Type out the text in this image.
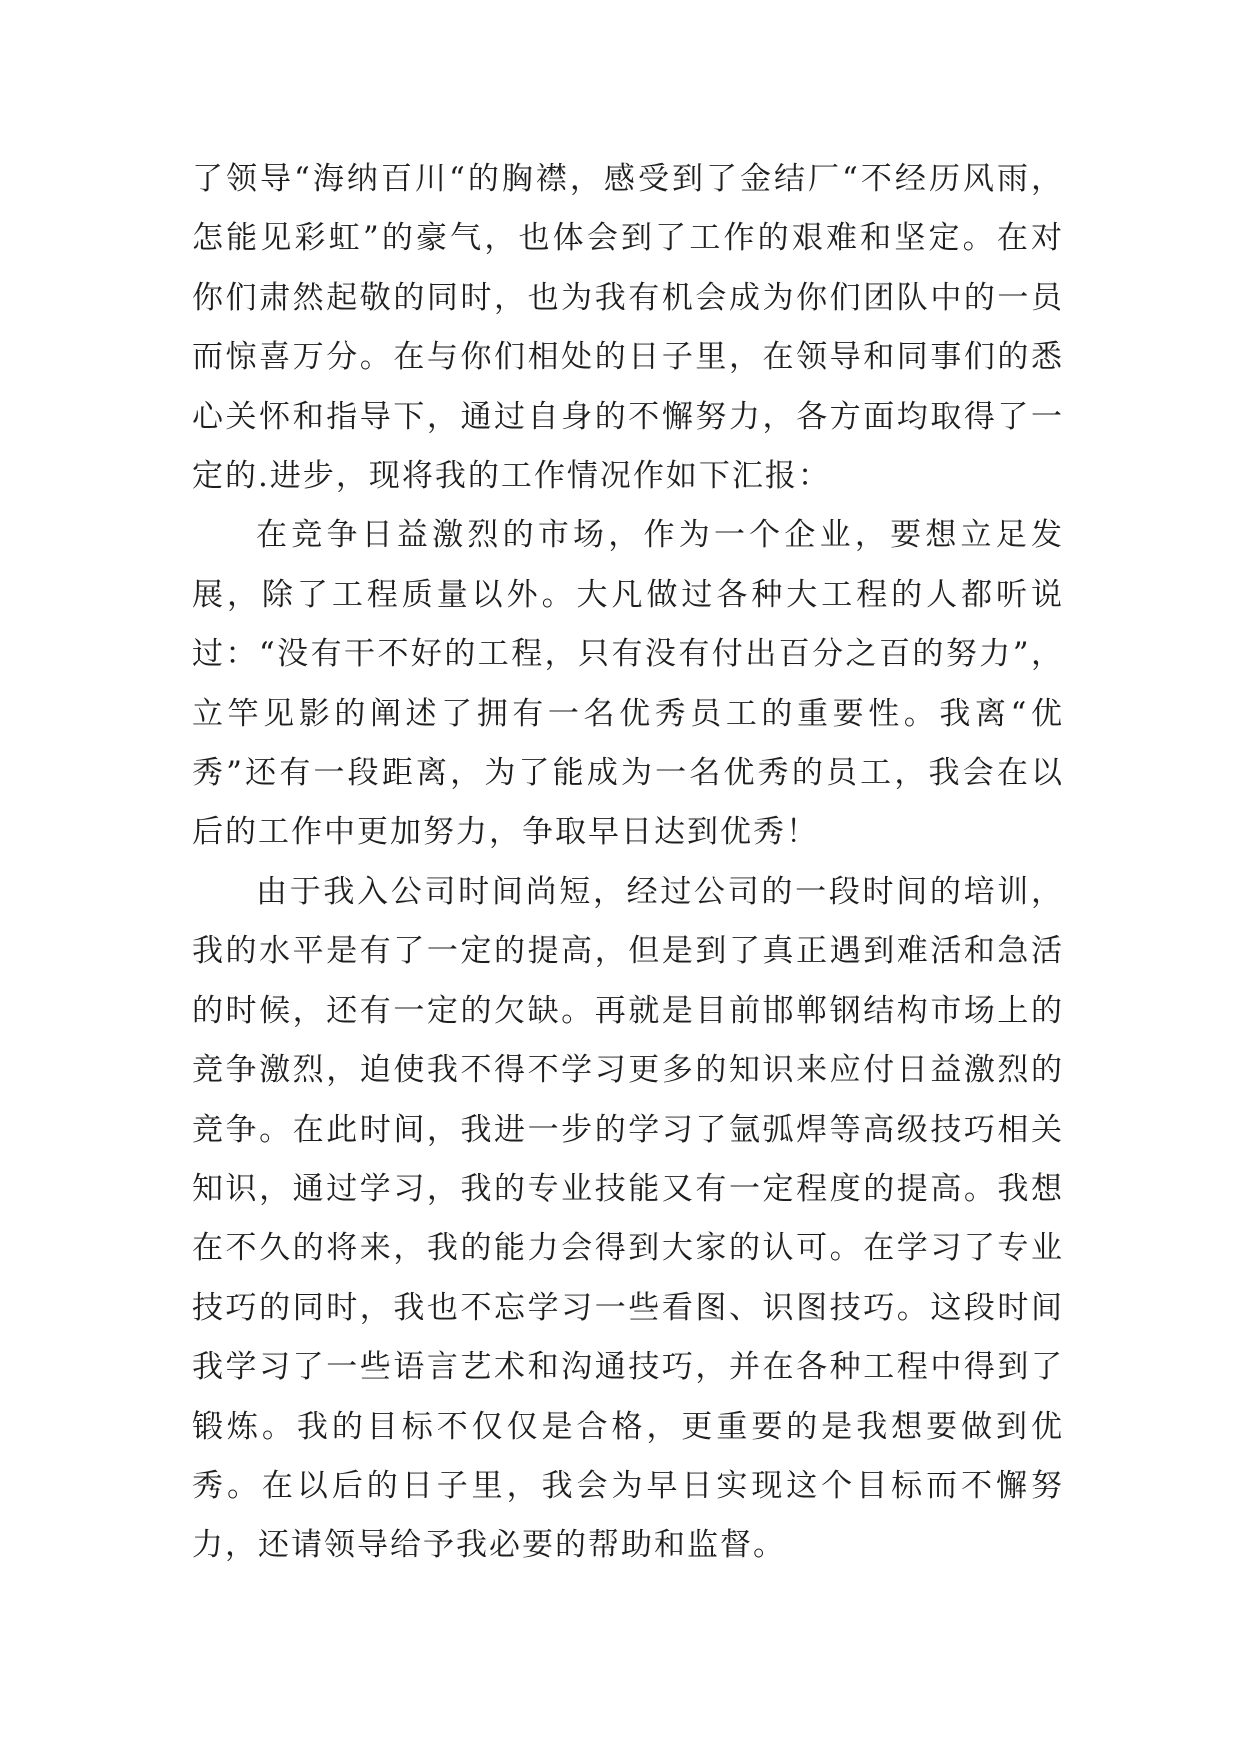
了领导“海纳百川“的胸襟，感受到了金结厂“不经历风雨，怎能见彩虹”的豪气，也体会到了工作的艰难和坚定。在对你们肃然起敬的同时，也为我有机会成为你们团队中的一员而惊喜万分。在与你们相处的日子里，在领导和同事们的悉心关怀和指导下，通过自身的不懈努力，各方面均取得了一定的.进步，现将我的工作情况作如下汇报：

在竞争日益激烈的市场，作为一个企业，要想立足发展，除了工程质量以外。大凡做过各种大工程的人都听说过：“没有干不好的工程，只有没有付出百分之百的努力”，立竿见影的阐述了拥有一名优秀员工的重要性。我离“优秀”还有一段距离，为了能成为一名优秀的员工，我会在以后的工作中更加努力，争取早日达到优秀！

由于我入公司时间尚短，经过公司的一段时间的培训，我的水平是有了一定的提高，但是到了真正遇到难活和急活的时候，还有一定的欠缺。再就是目前邯郸钢结构市场上的竞争激烈，迫使我不得不学习更多的知识来应付日益激烈的竞争。在此时间，我进一步的学习了氩弧焊等高级技巧相关知识，通过学习，我的专业技能又有一定程度的提高。我想在不久的将来，我的能力会得到大家的认可。在学习了专业技巧的同时，我也不忘学习一些看图、识图技巧。这段时间我学习了一些语言艺术和沟通技巧，并在各种工程中得到了锻炼。我的目标不仅仅是合格，更重要的是我想要做到优秀。在以后的日子里，我会为早日实现这个目标而不懈努力，还请领导给予我必要的帮助和监督。
